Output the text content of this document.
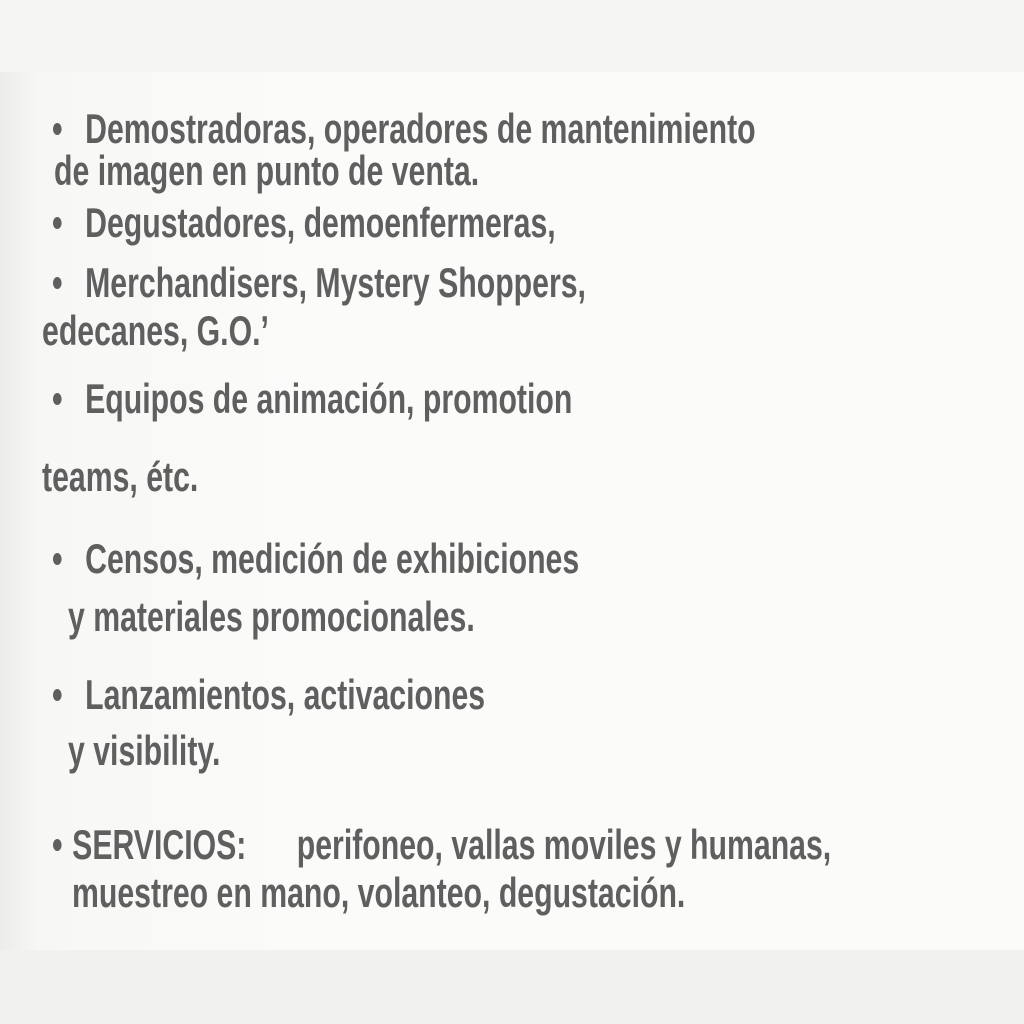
• Demostradoras, operadores de mantenimiento

de imagen en punto de venta.

• Degustadores, demoenfermeras,

• Merchandisers, Mystery Shoppers,

edecanes, G.O.’

• Equipos de animación, promotion

teams, étc.

• Censos, medición de exhibiciones

y materiales promocionales.

• Lanzamientos, activaciones

y visibility.

• SERVICIOS: perifoneo, vallas moviles y humanas,

muestreo en mano, volanteo, degustación.
